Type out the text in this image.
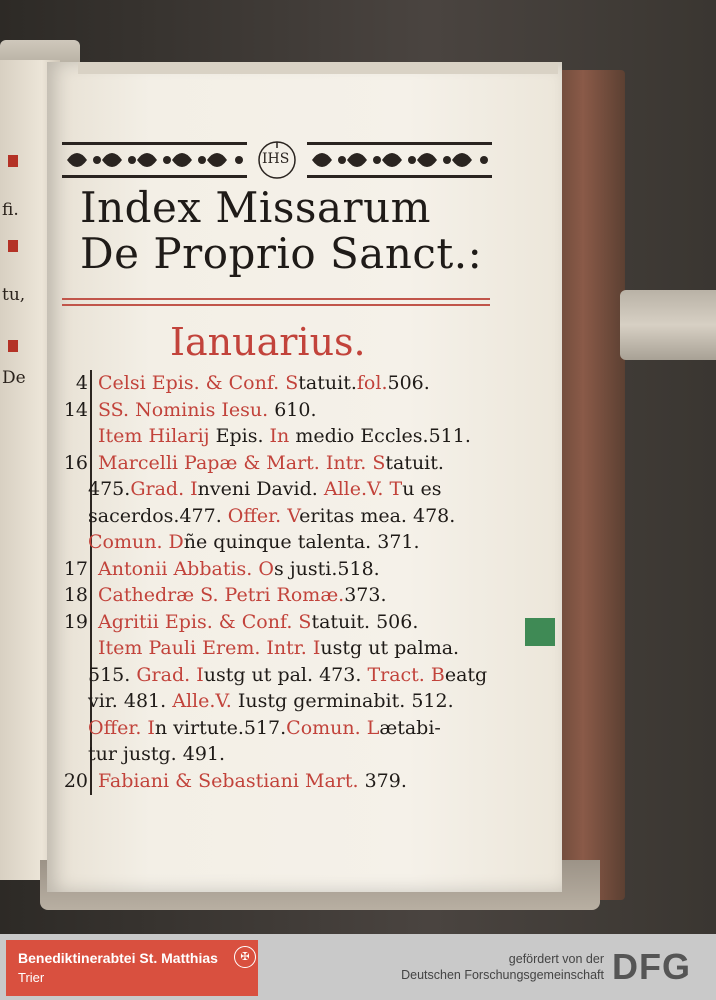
fi.
tu,
De
IHS
Index Missarum
De Proprio Sanct.:
Ianuarius.
4 Celsi Epis. & Conf. Statuit.fol.506.
14 SS. Nominis Iesu. 610.
Item Hilarij Epis. In medio Eccles.511.
16 Marcelli Papæ & Mart. Intr. Statuit.
475.Grad. Inveni David. Alle.V. Tu es
sacerdos.477. Offer. Veritas mea. 478.
Comun. Dñe quinque talenta. 371.
17 Antonii Abbatis. Os justi.518.
18 Cathedræ S. Petri Romæ.373.
19 Agritii Epis. & Conf. Statuit. 506.
Item Pauli Erem. Intr. Iustg ut palma.
515. Grad. Iustg ut pal. 473. Tract. Beatg
vir. 481. Alle.V. Iustg germinabit. 512.
Offer. In virtute.517.Comun. Lætabi-
tur justg. 491.
20 Fabiani & Sebastiani Mart. 379.
Benediktinerabtei St. Matthias
Trier
✠	gefördert von der
Deutschen Forschungsgemeinschaft DFG
